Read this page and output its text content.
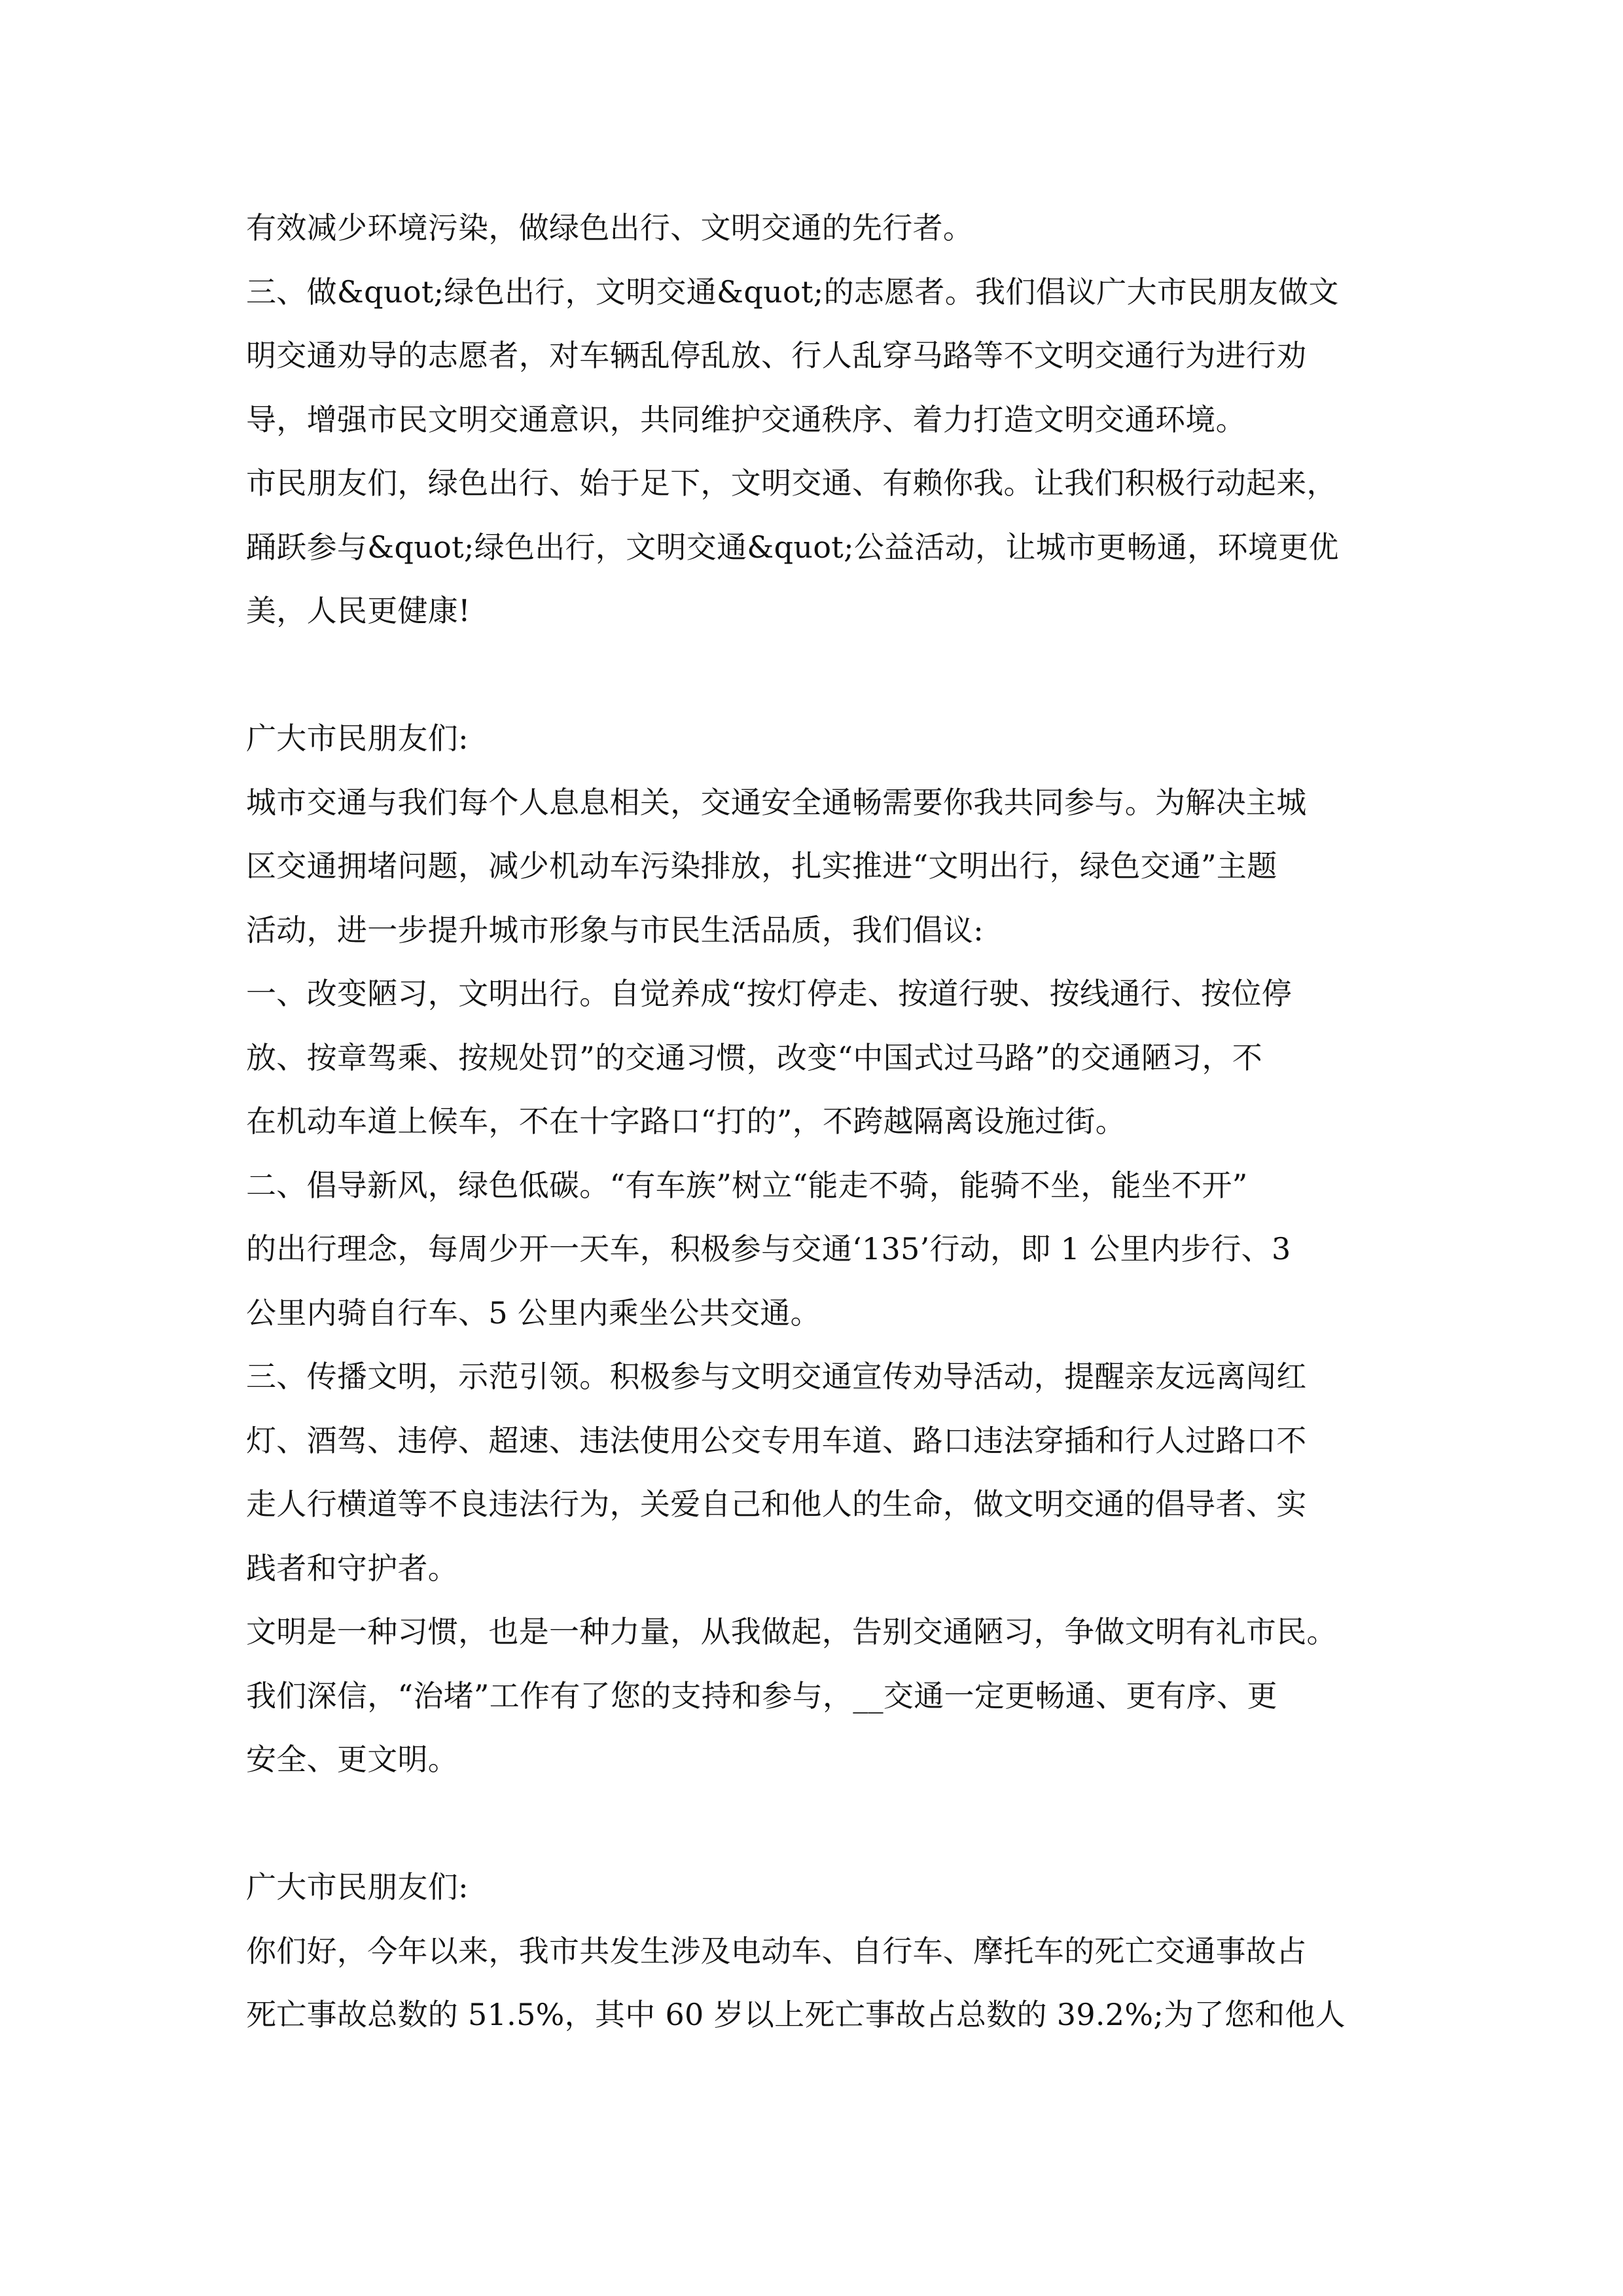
有效减少环境污染，做绿色出行、文明交通的先行者。
三、做&quot;绿色出行，文明交通&quot;的志愿者。我们倡议广大市民朋友做文
明交通劝导的志愿者，对车辆乱停乱放、行人乱穿马路等不文明交通行为进行劝
导，增强市民文明交通意识，共同维护交通秩序、着力打造文明交通环境。
市民朋友们，绿色出行、始于足下，文明交通、有赖你我。让我们积极行动起来，
踊跃参与&quot;绿色出行，文明交通&quot;公益活动，让城市更畅通，环境更优
美，人民更健康!
广大市民朋友们:
城市交通与我们每个人息息相关，交通安全通畅需要你我共同参与。为解决主城
区交通拥堵问题，减少机动车污染排放，扎实推进“文明出行，绿色交通”主题
活动，进一步提升城市形象与市民生活品质，我们倡议:
一、改变陋习，文明出行。自觉养成“按灯停走、按道行驶、按线通行、按位停
放、按章驾乘、按规处罚”的交通习惯，改变“中国式过马路”的交通陋习，不
在机动车道上候车，不在十字路口“打的”，不跨越隔离设施过街。
二、倡导新风，绿色低碳。“有车族”树立“能走不骑，能骑不坐，能坐不开”
的出行理念，每周少开一天车，积极参与交通‘135’行动，即 1 公里内步行、3
公里内骑自行车、5 公里内乘坐公共交通。
三、传播文明，示范引领。积极参与文明交通宣传劝导活动，提醒亲友远离闯红
灯、酒驾、违停、超速、违法使用公交专用车道、路口违法穿插和行人过路口不
走人行横道等不良违法行为，关爱自己和他人的生命，做文明交通的倡导者、实
践者和守护者。
文明是一种习惯，也是一种力量，从我做起，告别交通陋习，争做文明有礼市民。
我们深信，“治堵”工作有了您的支持和参与，__交通一定更畅通、更有序、更
安全、更文明。
广大市民朋友们:
你们好，今年以来，我市共发生涉及电动车、自行车、摩托车的死亡交通事故占
死亡事故总数的 51.5%，其中 60 岁以上死亡事故占总数的 39.2%;为了您和他人
